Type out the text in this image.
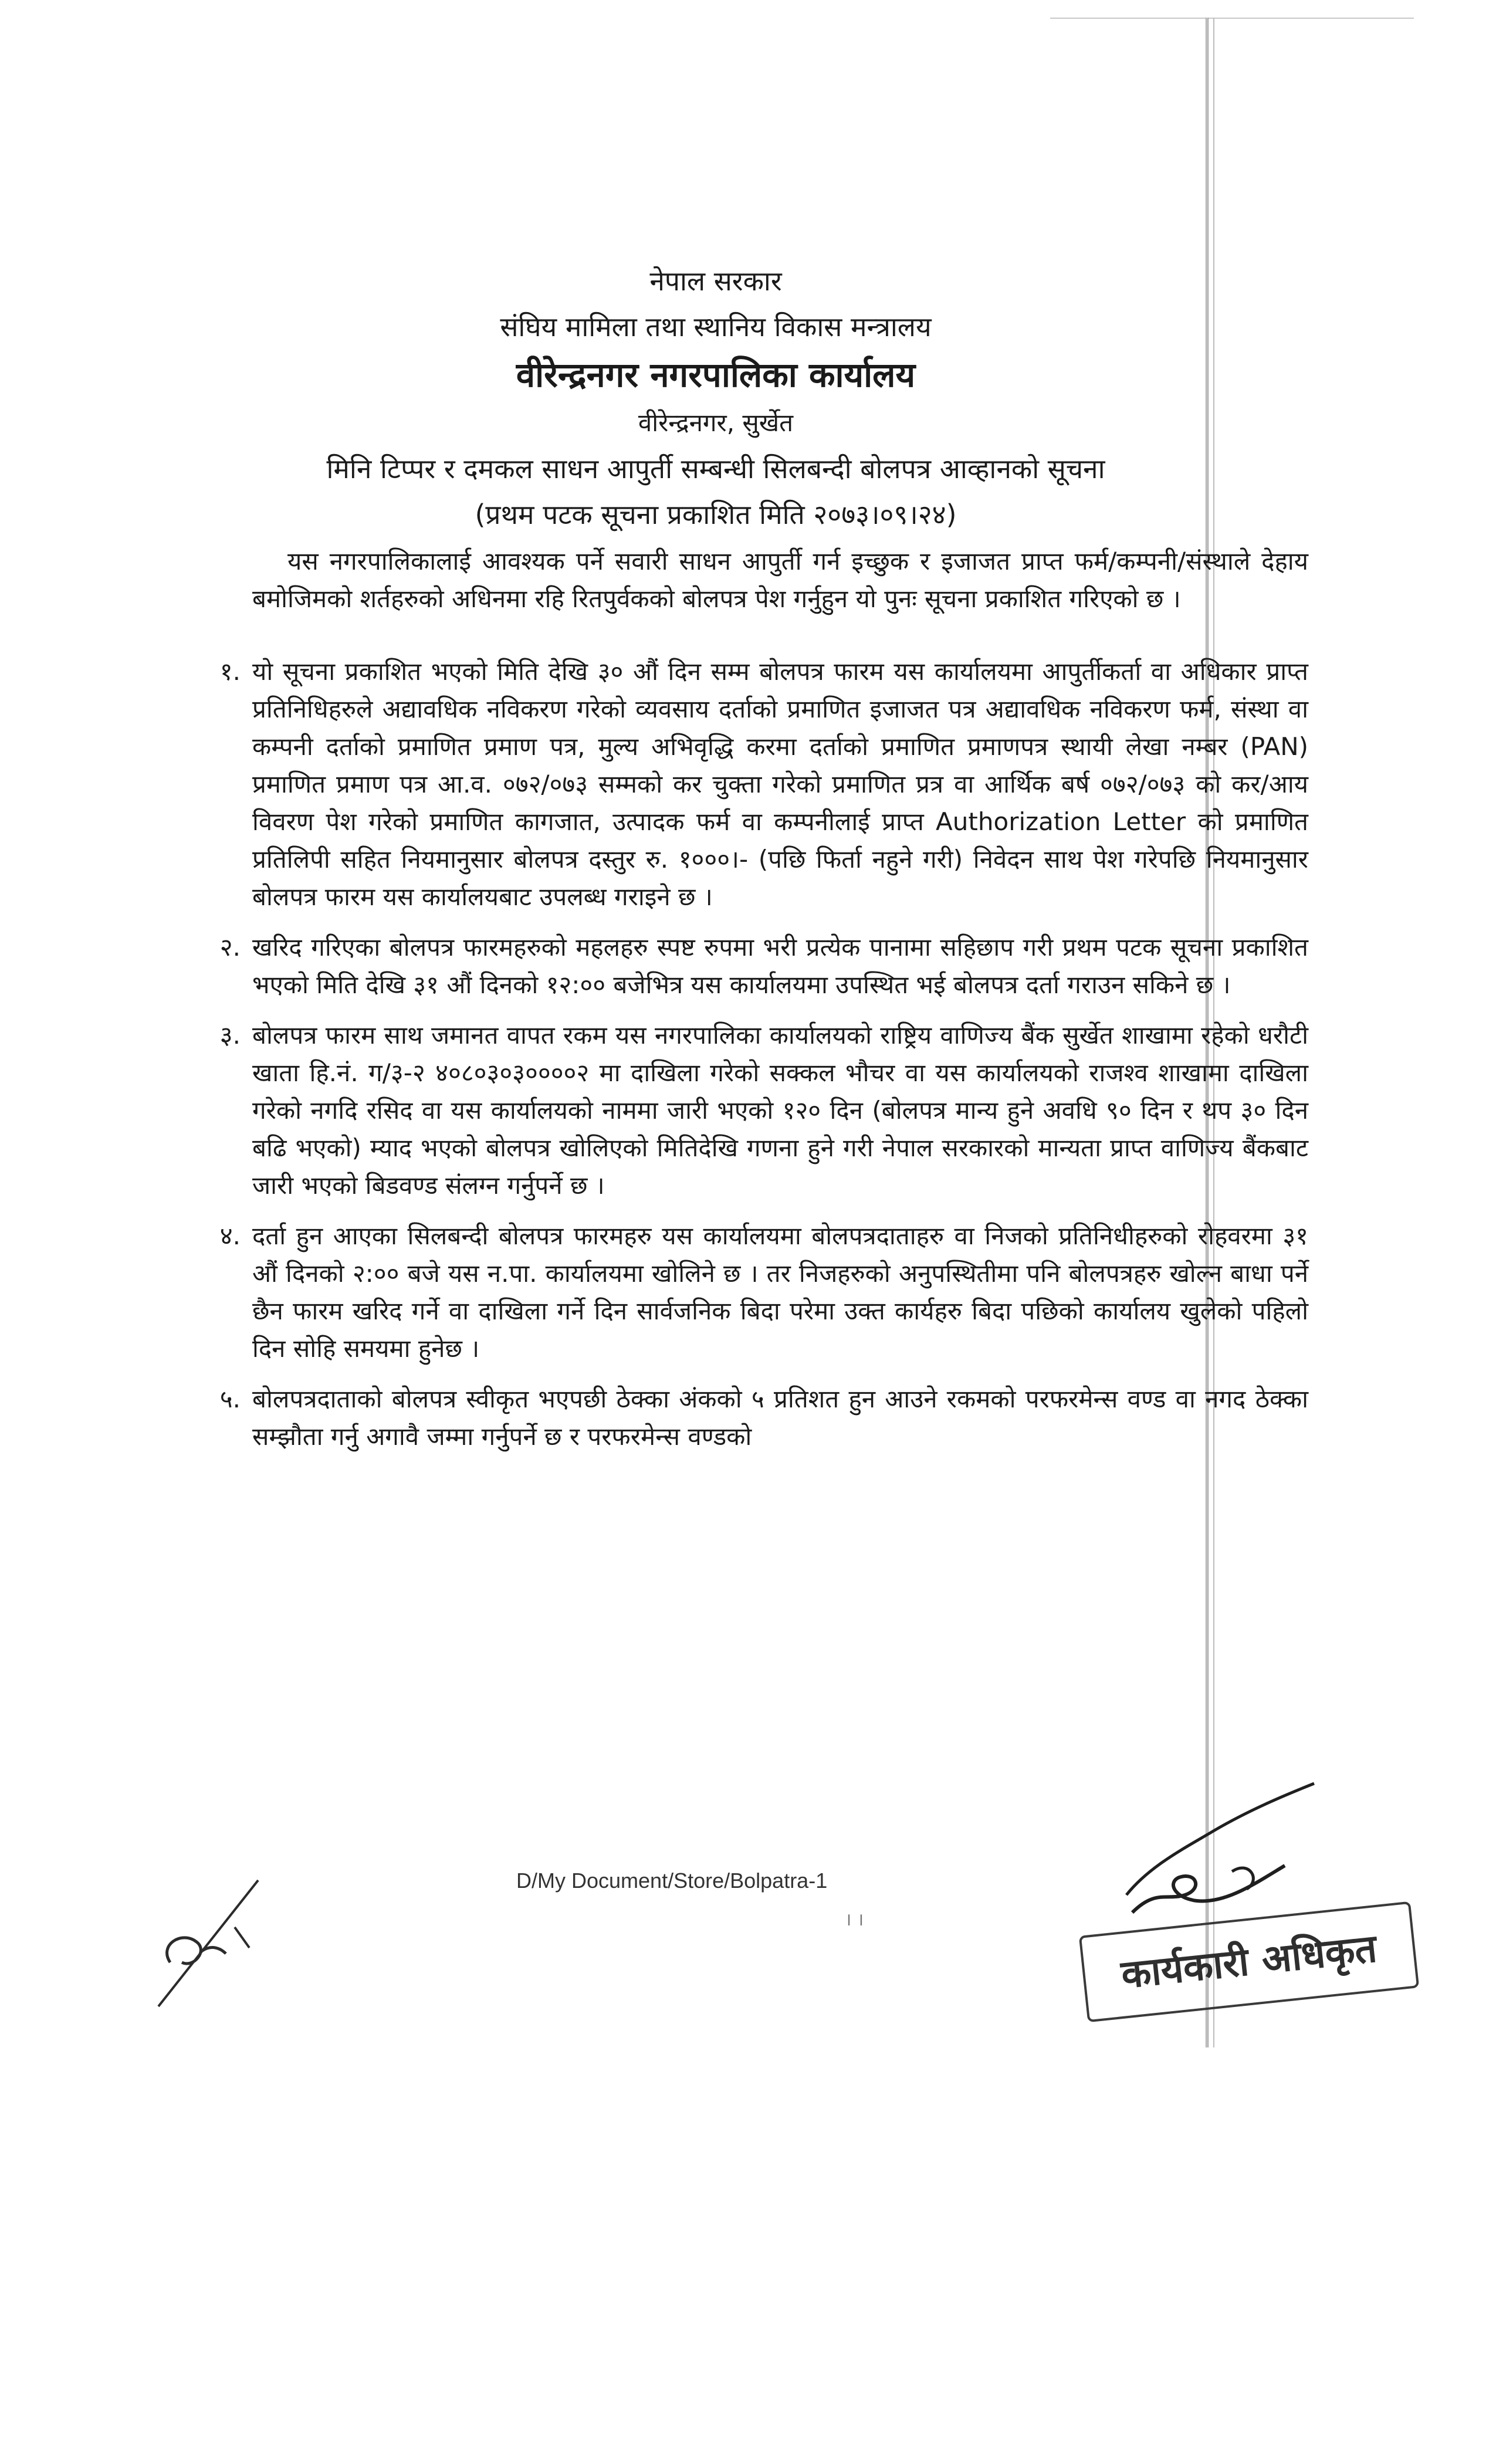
नेपाल सरकार

संघिय मामिला तथा स्थानिय विकास मन्त्रालय

वीरेन्द्रनगर नगरपालिका कार्यालय

वीरेन्द्रनगर, सुर्खेत

मिनि टिप्पर र दमकल साधन आपुर्ती सम्बन्धी सिलबन्दी बोलपत्र आव्हानको सूचना

(प्रथम पटक सूचना प्रकाशित मिति २०७३।०९।२४)

यस नगरपालिकालाई आवश्यक पर्ने सवारी साधन आपुर्ती गर्न इच्छुक र इजाजत प्राप्त फर्म/कम्पनी/संस्थाले देहाय बमोजिमको शर्तहरुको अधिनमा रहि रितपुर्वकको बोलपत्र पेश गर्नुहुन यो पुनः सूचना प्रकाशित गरिएको छ ।

१. यो सूचना प्रकाशित भएको मिति देखि ३० औं दिन सम्म बोलपत्र फारम यस कार्यालयमा आपुर्तीकर्ता वा अधिकार प्राप्त प्रतिनिधिहरुले अद्यावधिक नविकरण गरेको व्यवसाय दर्ताको प्रमाणित इजाजत पत्र अद्यावधिक नविकरण फर्म, संस्था वा कम्पनी दर्ताको प्रमाणित प्रमाण पत्र, मुल्य अभिवृद्धि करमा दर्ताको प्रमाणित प्रमाणपत्र स्थायी लेखा नम्बर (PAN) प्रमाणित प्रमाण पत्र आ.व. ०७२/०७३ सम्मको कर चुक्ता गरेको प्रमाणित प्रत्र वा आर्थिक बर्ष ०७२/०७३ को कर/आय विवरण पेश गरेको प्रमाणित कागजात, उत्पादक फर्म वा कम्पनीलाई प्राप्त Authorization Letter को प्रमाणित प्रतिलिपी सहित नियमानुसार बोलपत्र दस्तुर रु. १०००।- (पछि फिर्ता नहुने गरी) निवेदन साथ पेश गरेपछि नियमानुसार बोलपत्र फारम यस कार्यालयबाट उपलब्ध गराइने छ ।
२. खरिद गरिएका बोलपत्र फारमहरुको महलहरु स्पष्ट रुपमा भरी प्रत्येक पानामा सहिछाप गरी प्रथम पटक सूचना प्रकाशित भएको मिति देखि ३१ औं दिनको १२:०० बजेभित्र यस कार्यालयमा उपस्थित भई बोलपत्र दर्ता गराउन सकिने छ ।
३. बोलपत्र फारम साथ जमानत वापत रकम यस नगरपालिका कार्यालयको राष्ट्रिय वाणिज्य बैंक सुर्खेत शाखामा रहेको धरौटी खाता हि.नं. ग/३-२ ४०८०३०३००००२ मा दाखिला गरेको सक्कल भौचर वा यस कार्यालयको राजश्व शाखामा दाखिला गरेको नगदि रसिद वा यस कार्यालयको नाममा जारी भएको १२० दिन (बोलपत्र मान्य हुने अवधि ९० दिन र थप ३० दिन बढि भएको) म्याद भएको बोलपत्र खोलिएको मितिदेखि गणना हुने गरी नेपाल सरकारको मान्यता प्राप्त वाणिज्य बैंकबाट जारी भएको बिडवण्ड संलग्न गर्नुपर्ने छ ।
४. दर्ता हुन आएका सिलबन्दी बोलपत्र फारमहरु यस कार्यालयमा बोलपत्रदाताहरु वा निजको प्रतिनिधीहरुको रोहवरमा ३१ औं दिनको २:०० बजे यस न.पा. कार्यालयमा खोलिने छ । तर निजहरुको अनुपस्थितीमा पनि बोलपत्रहरु खोल्न बाधा पर्ने छैन फारम खरिद गर्ने वा दाखिला गर्ने दिन सार्वजनिक बिदा परेमा उक्त कार्यहरु बिदा पछिको कार्यालय खुलेको पहिलो दिन सोहि समयमा हुनेछ ।
५. बोलपत्रदाताको बोलपत्र स्वीकृत भएपछी ठेक्का अंकको ५ प्रतिशत हुन आउने रकमको परफरमेन्स वण्ड वा नगद ठेक्का सम्झौता गर्नु अगावै जम्मा गर्नुपर्ने छ र परफरमेन्स वण्डको
D/My Document/Store/Bolpatra-1
। ।
कार्यकारी अधिकृत
